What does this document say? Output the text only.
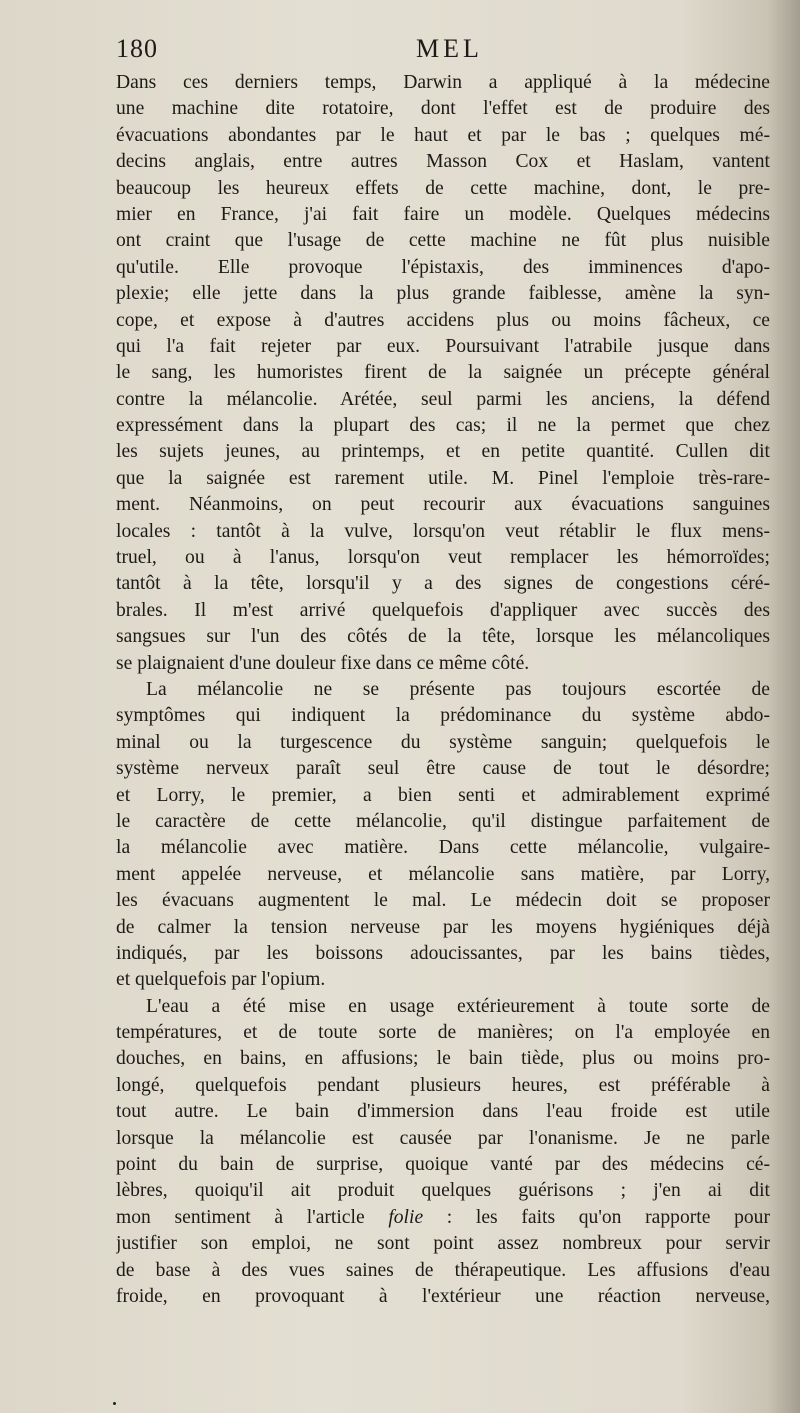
180	MEL
Dans ces derniers temps, Darwin a appliqué à la médecine
une machine dite rotatoire, dont l'effet est de produire des
évacuations abondantes par le haut et par le bas ; quelques mé-
decins anglais, entre autres Masson Cox et Haslam, vantent
beaucoup les heureux effets de cette machine, dont, le pre-
mier en France, j'ai fait faire un modèle. Quelques médecins
ont craint que l'usage de cette machine ne fût plus nuisible
qu'utile. Elle provoque l'épistaxis, des imminences d'apo-
plexie; elle jette dans la plus grande faiblesse, amène la syn-
cope, et expose à d'autres accidens plus ou moins fâcheux, ce
qui l'a fait rejeter par eux. Poursuivant l'atrabile jusque dans
le sang, les humoristes firent de la saignée un précepte général
contre la mélancolie. Arétée, seul parmi les anciens, la défend
expressément dans la plupart des cas; il ne la permet que chez
les sujets jeunes, au printemps, et en petite quantité. Cullen dit
que la saignée est rarement utile. M. Pinel l'emploie très-rare-
ment. Néanmoins, on peut recourir aux évacuations sanguines
locales : tantôt à la vulve, lorsqu'on veut rétablir le flux mens-
truel, ou à l'anus, lorsqu'on veut remplacer les hémorroïdes;
tantôt à la tête, lorsqu'il y a des signes de congestions céré-
brales. Il m'est arrivé quelquefois d'appliquer avec succès des
sangsues sur l'un des côtés de la tête, lorsque les mélancoliques
se plaignaient d'une douleur fixe dans ce même côté.
La mélancolie ne se présente pas toujours escortée de
symptômes qui indiquent la prédominance du système abdo-
minal ou la turgescence du système sanguin; quelquefois le
système nerveux paraît seul être cause de tout le désordre;
et Lorry, le premier, a bien senti et admirablement exprimé
le caractère de cette mélancolie, qu'il distingue parfaitement de
la mélancolie avec matière. Dans cette mélancolie, vulgaire-
ment appelée nerveuse, et mélancolie sans matière, par Lorry,
les évacuans augmentent le mal. Le médecin doit se proposer
de calmer la tension nerveuse par les moyens hygiéniques déjà
indiqués, par les boissons adoucissantes, par les bains tièdes,
et quelquefois par l'opium.
L'eau a été mise en usage extérieurement à toute sorte de
températures, et de toute sorte de manières; on l'a employée en
douches, en bains, en affusions; le bain tiède, plus ou moins pro-
longé, quelquefois pendant plusieurs heures, est préférable à
tout autre. Le bain d'immersion dans l'eau froide est utile
lorsque la mélancolie est causée par l'onanisme. Je ne parle
point du bain de surprise, quoique vanté par des médecins cé-
lèbres, quoiqu'il ait produit quelques guérisons ; j'en ai dit
mon sentiment à l'article folie : les faits qu'on rapporte pour
justifier son emploi, ne sont point assez nombreux pour servir
de base à des vues saines de thérapeutique. Les affusions d'eau
froide, en provoquant à l'extérieur une réaction nerveuse,
